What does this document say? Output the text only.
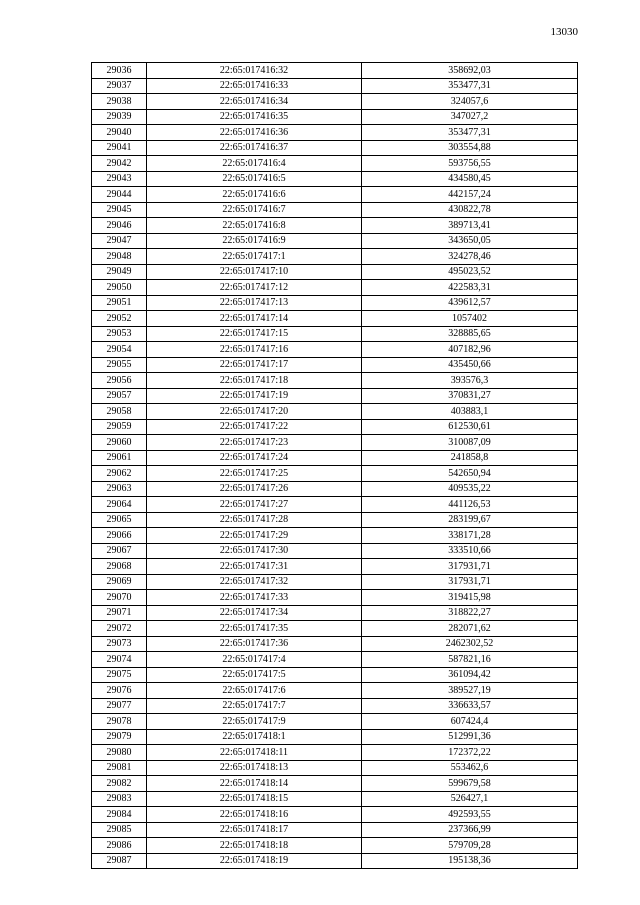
13030
29036	22:65:017416:32	358692,03
29037	22:65:017416:33	353477,31
29038	22:65:017416:34	324057,6
29039	22:65:017416:35	347027,2
29040	22:65:017416:36	353477,31
29041	22:65:017416:37	303554,88
29042	22:65:017416:4	593756,55
29043	22:65:017416:5	434580,45
29044	22:65:017416:6	442157,24
29045	22:65:017416:7	430822,78
29046	22:65:017416:8	389713,41
29047	22:65:017416:9	343650,05
29048	22:65:017417:1	324278,46
29049	22:65:017417:10	495023,52
29050	22:65:017417:12	422583,31
29051	22:65:017417:13	439612,57
29052	22:65:017417:14	1057402
29053	22:65:017417:15	328885,65
29054	22:65:017417:16	407182,96
29055	22:65:017417:17	435450,66
29056	22:65:017417:18	393576,3
29057	22:65:017417:19	370831,27
29058	22:65:017417:20	403883,1
29059	22:65:017417:22	612530,61
29060	22:65:017417:23	310087,09
29061	22:65:017417:24	241858,8
29062	22:65:017417:25	542650,94
29063	22:65:017417:26	409535,22
29064	22:65:017417:27	441126,53
29065	22:65:017417:28	283199,67
29066	22:65:017417:29	338171,28
29067	22:65:017417:30	333510,66
29068	22:65:017417:31	317931,71
29069	22:65:017417:32	317931,71
29070	22:65:017417:33	319415,98
29071	22:65:017417:34	318822,27
29072	22:65:017417:35	282071,62
29073	22:65:017417:36	2462302,52
29074	22:65:017417:4	587821,16
29075	22:65:017417:5	361094,42
29076	22:65:017417:6	389527,19
29077	22:65:017417:7	336633,57
29078	22:65:017417:9	607424,4
29079	22:65:017418:1	512991,36
29080	22:65:017418:11	172372,22
29081	22:65:017418:13	553462,6
29082	22:65:017418:14	599679,58
29083	22:65:017418:15	526427,1
29084	22:65:017418:16	492593,55
29085	22:65:017418:17	237366,99
29086	22:65:017418:18	579709,28
29087	22:65:017418:19	195138,36
